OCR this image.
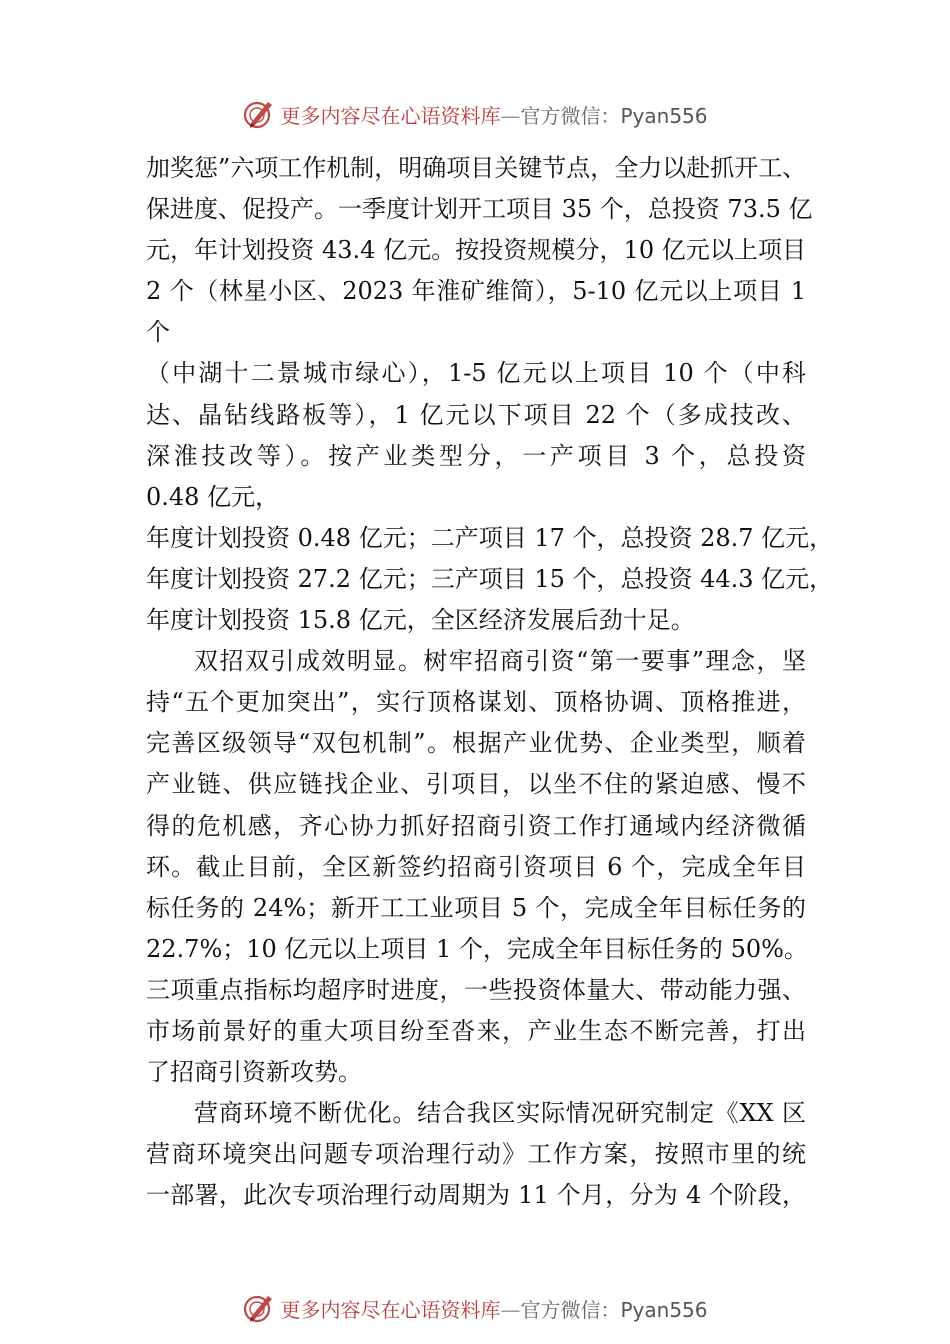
更多内容尽在心语资料库—官方微信：Pyan556
加奖惩”六项工作机制，明确项目关键节点，全力以赴抓开工、
保进度、促投产。一季度计划开工项目 35 个，总投资 73.5 亿
元，年计划投资 43.4 亿元。按投资规模分，10 亿元以上项目
2 个（林星小区、2023 年淮矿维简），5-10 亿元以上项目 1
个
（中湖十二景城市绿心），1-5 亿元以上项目 10 个（中科
达、晶钻线路板等），1 亿元以下项目 22 个（多成技改、
深淮技改等）。按产业类型分，一产项目 3 个，总投资
0.48 亿元，
年度计划投资 0.48 亿元；二产项目 17 个，总投资 28.7 亿元，
年度计划投资 27.2 亿元；三产项目 15 个，总投资 44.3 亿元，
年度计划投资 15.8 亿元，全区经济发展后劲十足。
双招双引成效明显。树牢招商引资“第一要事”理念，坚
持“五个更加突出”，实行顶格谋划、顶格协调、顶格推进，
完善区级领导“双包机制”。根据产业优势、企业类型，顺着
产业链、供应链找企业、引项目，以坐不住的紧迫感、慢不
得的危机感，齐心协力抓好招商引资工作打通域内经济微循
环。截止目前，全区新签约招商引资项目 6 个，完成全年目
标任务的 24%；新开工工业项目 5 个，完成全年目标任务的
22.7%；10 亿元以上项目 1 个，完成全年目标任务的 50%。
三项重点指标均超序时进度，一些投资体量大、带动能力强、
市场前景好的重大项目纷至沓来，产业生态不断完善，打出
了招商引资新攻势。
营商环境不断优化。结合我区实际情况研究制定《XX 区
营商环境突出问题专项治理行动》工作方案，按照市里的统
一部署，此次专项治理行动周期为 11 个月，分为 4 个阶段，
更多内容尽在心语资料库—官方微信：Pyan556
